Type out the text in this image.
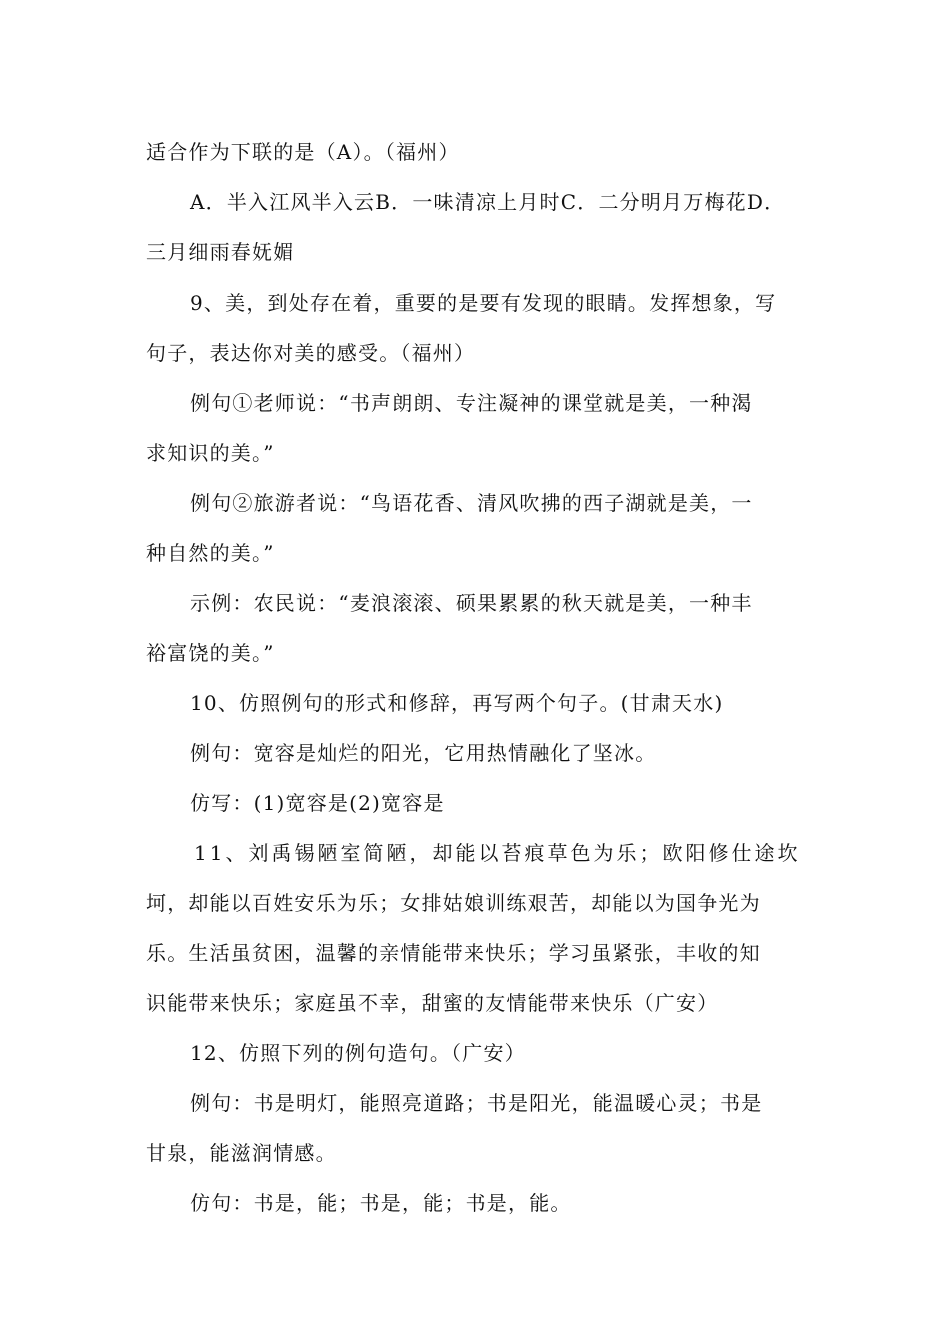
适合作为下联的是（A）。（福州）
A．半入江风半入云B．一味清凉上月时C．二分明月万梅花D．
三月细雨春妩媚
9、美，到处存在着，重要的是要有发现的眼睛。发挥想象，写
句子，表达你对美的感受。（福州）
例句①老师说：“书声朗朗、专注凝神的课堂就是美，一种渴
求知识的美。”
例句②旅游者说：“鸟语花香、清风吹拂的西子湖就是美，一
种自然的美。”
示例：农民说：“麦浪滚滚、硕果累累的秋天就是美，一种丰
裕富饶的美。”
10、仿照例句的形式和修辞，再写两个句子。(甘肃天水)
例句：宽容是灿烂的阳光，它用热情融化了坚冰。
仿写：(1)宽容是(2)宽容是
11、刘禹锡陋室简陋，却能以苔痕草色为乐；欧阳修仕途坎
坷，却能以百姓安乐为乐；女排姑娘训练艰苦，却能以为国争光为
乐。生活虽贫困，温馨的亲情能带来快乐；学习虽紧张，丰收的知
识能带来快乐；家庭虽不幸，甜蜜的友情能带来快乐（广安）
12、仿照下列的例句造句。（广安）
例句：书是明灯，能照亮道路；书是阳光，能温暖心灵；书是
甘泉，能滋润情感。
仿句：书是，能；书是，能；书是，能。
